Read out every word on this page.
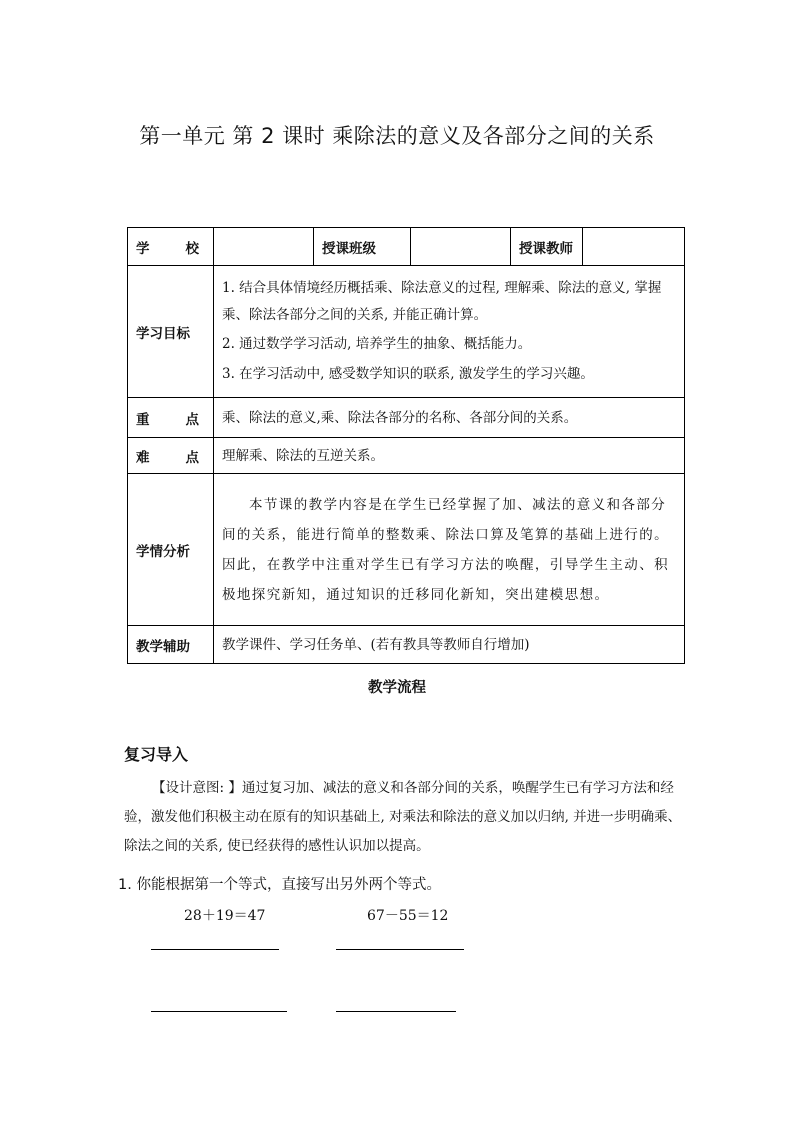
第一单元 第 2 课时 乘除法的意义及各部分之间的关系
学 校		授课班级		授课教师	
学习目标	1. 结合具体情境经历概括乘、除法意义的过程, 理解乘、除法的意义, 掌握乘、除法各部分之间的关系, 并能正确计算。
2. 通过数学学习活动, 培养学生的抽象、概括能力。
3. 在学习活动中, 感受数学知识的联系, 激发学生的学习兴趣。				

重 点	乘、除法的意义,乘、除法各部分的名称、各部分间的关系。				

难 点	理解乘、除法的互逆关系。				
学情分析	本节课的教学内容是在学生已经掌握了加、减法的意义和各部分间的关系，能进行简单的整数乘、除法口算及笔算的基础上进行的。因此，在教学中注重对学生已有学习方法的唤醒，引导学生主动、积极地探究新知，通过知识的迁移同化新知，突出建模思想。				

教学辅助	教学课件、学习任务单、(若有教具等教师自行增加)				
教学流程
复习导入
【设计意图: 】通过复习加、减法的意义和各部分间的关系，唤醒学生已有学习方法和经验，激发他们积极主动在原有的知识基础上, 对乘法和除法的意义加以归纳, 并进一步明确乘、除法之间的关系, 使已经获得的感性认识加以提高。
1. 你能根据第一个等式，直接写出另外两个等式。
28＋19＝47	67－55＝12
